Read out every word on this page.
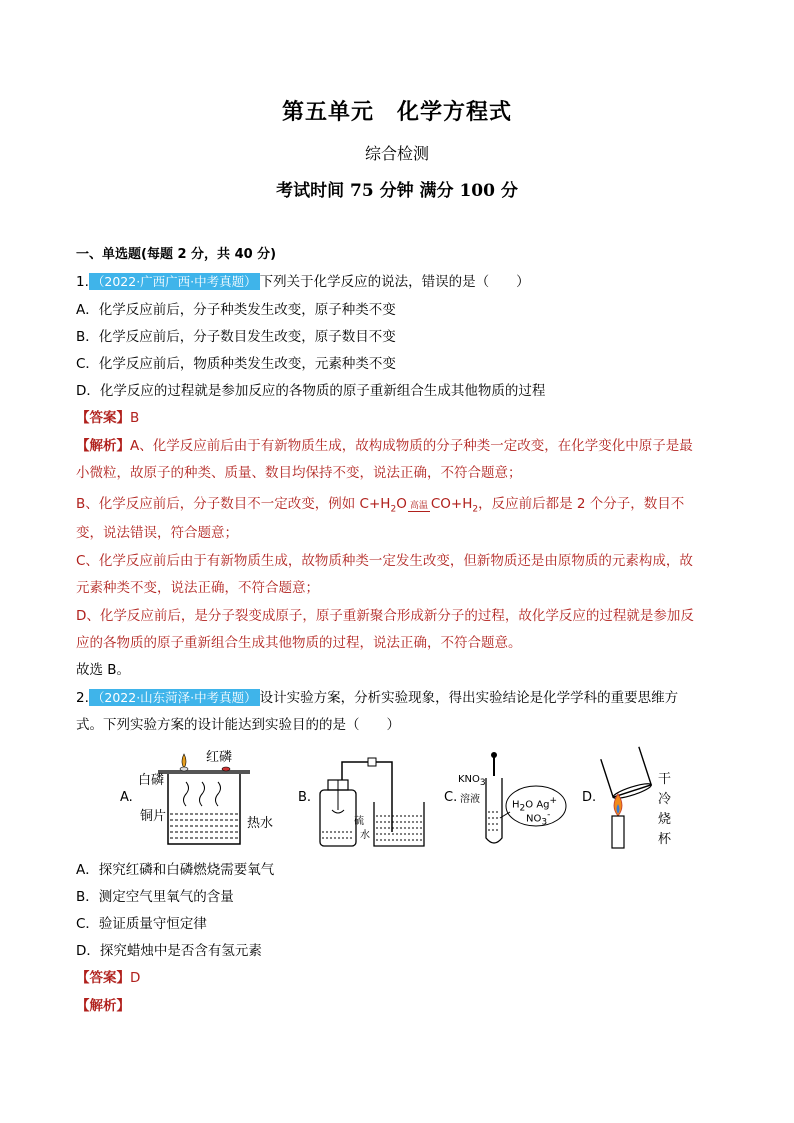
第五单元　化学方程式
综合检测
考试时间 75 分钟 满分 100 分
一、单选题(每题 2 分，共 40 分)
1. （2022·广西广西·中考真题） 下列关于化学反应的说法，错误的是（　　）
A．化学反应前后，分子种类发生改变，原子种类不变
B．化学反应前后，分子数目发生改变，原子数目不变
C．化学反应前后，物质种类发生改变，元素种类不变
D．化学反应的过程就是参加反应的各物质的原子重新组合生成其他物质的过程
【答案】B
【解析】A、化学反应前后由于有新物质生成，故构成物质的分子种类一定改变，在化学变化中原子是最
小微粒，故原子的种类、质量、数目均保持不变，说法正确，不符合题意；
B、化学反应前后，分子数目不一定改变，例如 $C+H_2O$ 高温 $CO+H_2$，反应前后都是 2 个分子，数目不
变，说法错误，符合题意；
C、化学反应前后由于有新物质生成，故物质种类一定发生改变，但新物质还是由原物质的元素构成，故
元素种类不变，说法正确，不符合题意；
D、化学反应前后，是分子裂变成原子，原子重新聚合形成新分子的过程，故化学反应的过程就是参加反
应的各物质的原子重新组合生成其他物质的过程，说法正确，不符合题意。
故选 B。
2. （2022·山东菏泽·中考真题） 设计实验方案，分析实验现象，得出实验结论是化学学科的重要思维方
式。下列实验方案的设计能达到实验目的的是（　　）
A.
白磷
红磷
铜片	热水
B.
硫
水
C.
$KNO_3$
溶液	$H_2O$ Ag+
$NO_3^-$
D.
干
冷
烧
杯
A．探究红磷和白磷燃烧需要氧气
B．测定空气里氧气的含量
C．验证质量守恒定律
D．探究蜡烛中是否含有氢元素
【答案】D
【解析】
